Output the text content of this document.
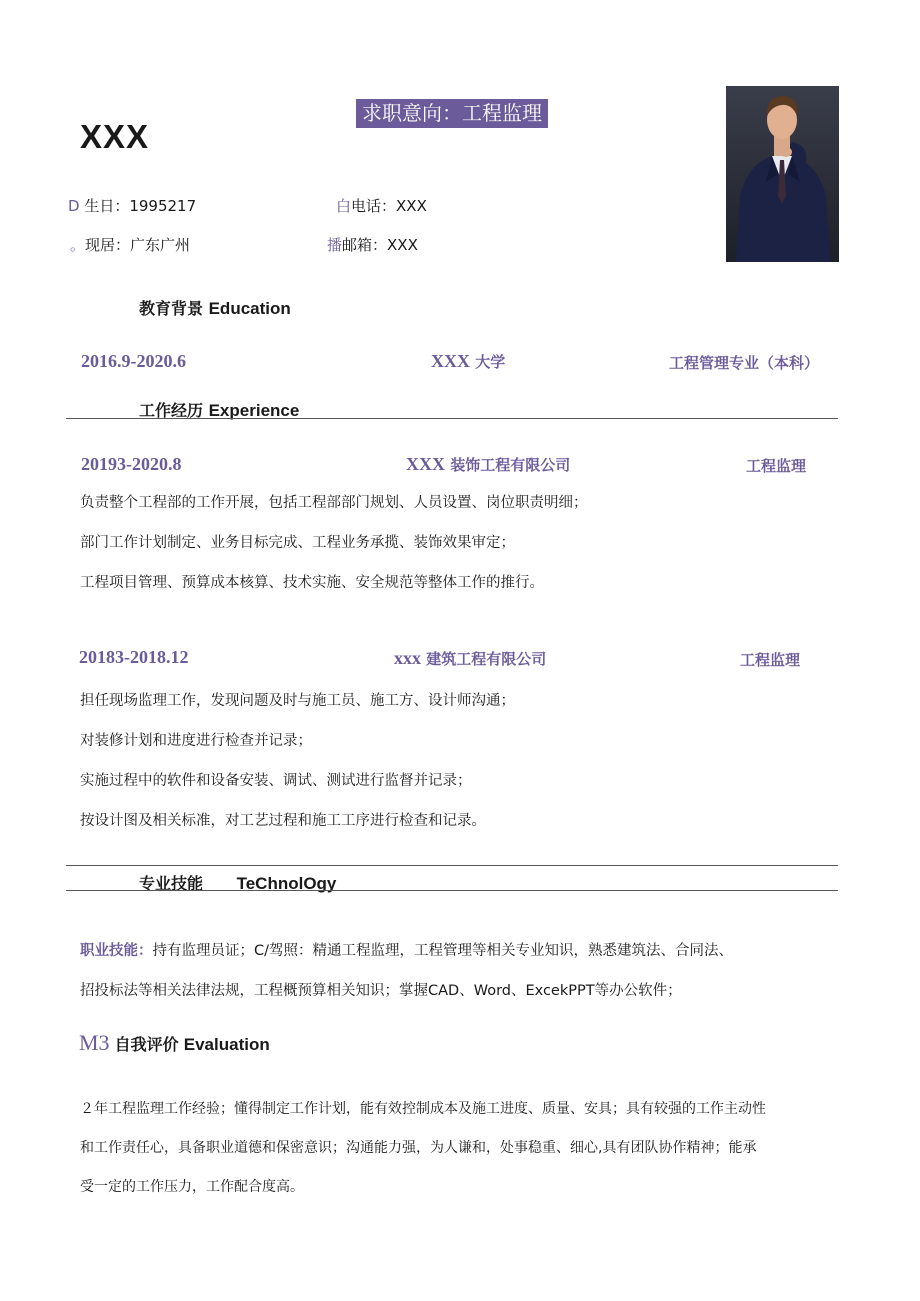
XXX
求职意向：工程监理
D 生日：1995217	白电话：XXX
。现居：广东广州	播邮箱：XXX
教育背景 Education
2016.9-2020.6	XXX 大学	工程管理专业（本科）
工作经历 Experience
20193-2020.8	XXX 装饰工程有限公司	工程监理
负责整个工程部的工作开展，包括工程部部门规划、人员设置、岗位职责明细；
部门工作计划制定、业务目标完成、工程业务承揽、装饰效果审定；
工程项目管理、预算成本核算、技术实施、安全规范等整体工作的推行。
20183-2018.12	xxx 建筑工程有限公司	工程监理
担任现场监理工作，发现问题及时与施工员、施工方、设计师沟通；
对装修计划和进度进行检查并记录；
实施过程中的软件和设备安装、调试、测试进行监督并记录；
按设计图及相关标准，对工艺过程和施工工序进行检查和记录。
专业技能 TeChnolOgy
职业技能：持有监理员证；C/驾照：精通工程监理，工程管理等相关专业知识，熟悉建筑法、合同法、
招投标法等相关法律法规，工程概预算相关知识；掌握CAD、Word、ExcekPPT等办公软件；
M3 自我评价 Evaluation
２年工程监理工作经验；懂得制定工作计划，能有效控制成本及施工进度、质量、安具；具有较强的工作主动性
和工作责任心，具备职业道德和保密意识；沟通能力强，为人谦和，处事稳重、细心,具有团队协作精神；能承
受一定的工作压力，工作配合度高。
